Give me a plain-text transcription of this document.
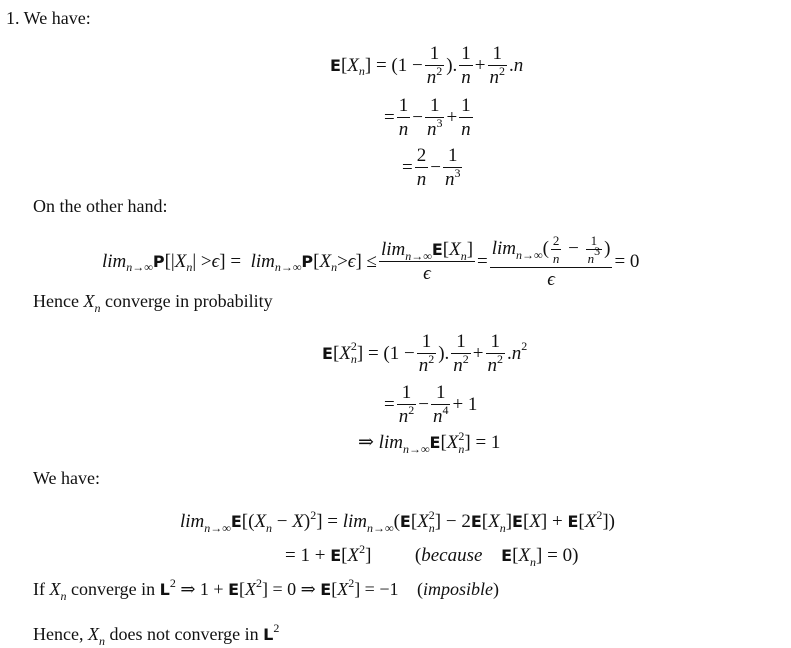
1. We have:
E [ X n ] = ($1 - \frac{1}{n^2}$ ). $\frac{1}{n} + \frac{1}{n^2}$ . n
= $\frac{1}{n} - \frac{1}{n^3} + \frac{1}{n}$
= $\frac{2}{n} - \frac{1}{n^3}$
On the other hand:
lim n→∞ P [| X n | > ϵ ] = lim n→∞ P [ X n > ϵ ] ≤ $\frac{\lim_{n\to\infty}E[X_n]}{\epsilon} = \frac{\lim_{n\to\infty}( \frac{2}{n} - \frac{1}{n3} )}{\epsilon} = 0$
Hence $X_n$ converge in probability
E [ X 2
n ] = ($1 - \frac{1}{n^2}$ ). $\frac{1}{n^2} + \frac{1}{n^2}$ . n 2
= $\frac{1}{n^2} - \frac{1}{n^4} + 1$
⇒ $\lim_{n\to\infty}E[X^2_n] = 1$
We have:
$\lim_{n\to\infty}E[(X_n - X)^2] = \lim_{n\to\infty}(E[X^2_n] - 2E[X_n]E[X] + E[X^2])$
= $1 + E[X^2]$  (because $E[X_n] = 0$)
If $X_n$ converge in $L^2$ ⇒ $1 + E[X^2] = 0$ ⇒ $E[X^2] = -1$ (imposible)
Hence, $X_n$ does not converge in $L^2$
